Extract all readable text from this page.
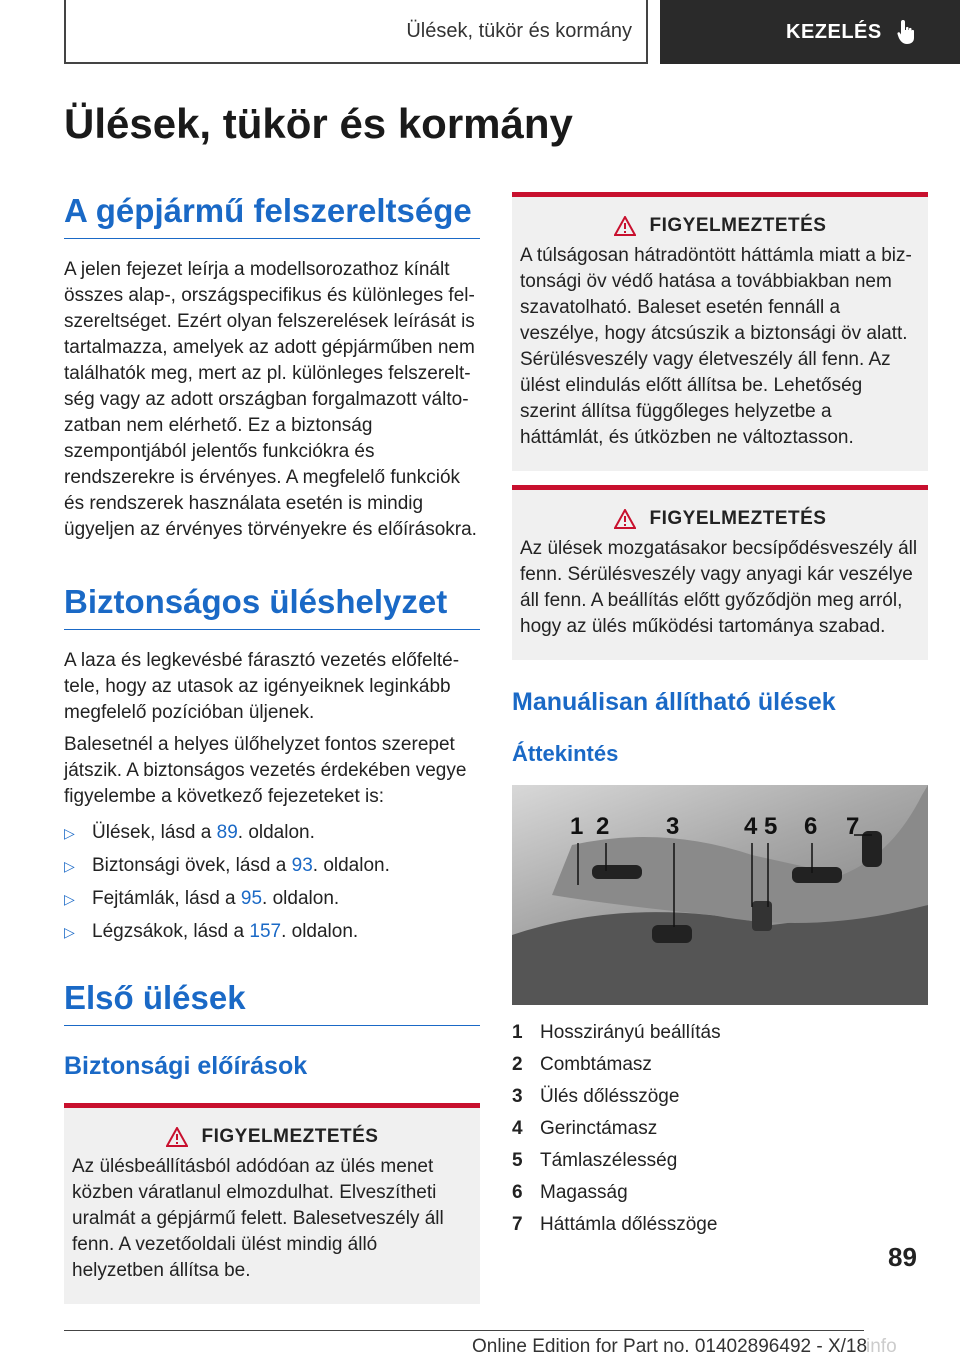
Ülések, tükör és kormány	KEZELÉS
Ülések, tükör és kormány
A gépjármű felszereltsége

A jelen fejezet leírja a modellsorozathoz kínált összes alap-, országspecifikus és különleges felszereltséget. Ezért olyan felszerelések leírását is tartalmazza, amelyek az adott gépjárműben nem találhatók meg, mert az pl. különleges felszereltség vagy az adott országban forgalmazott változatban nem elérhető. Ez a biztonság szempontjából jelentős funkciókra és rendszerekre is érvényes. A megfelelő funkciók és rendszerek használata esetén is mindig ügyeljen az érvényes törvényekre és előírásokra.

Biztonságos üléshelyzet

A laza és legkevésbé fárasztó vezetés előfeltétele, hogy az utasok az igényeiknek leginkább megfelelő pozícióban üljenek.

Balesetnél a helyes ülőhelyzet fontos szerepet játszik. A biztonságos vezetés érdekében vegye figyelembe a következő fejezeteket is:

▷ Ülések, lásd a 89. oldalon.
▷ Biztonsági övek, lásd a 93. oldalon.
▷ Fejtámlák, lásd a 95. oldalon.
▷ Légzsákok, lásd a 157. oldalon.
Első ülések
Biztonsági előírások
FIGYELMEZTETÉS

Az ülésbeállításból adódóan az ülés menet közben váratlanul elmozdulhat. Elveszítheti uralmát a gépjármű felett. Balesetveszély áll fenn. A vezetőoldali ülést mindig álló helyzetben állítsa be.

FIGYELMEZTETÉS

A túlságosan hátradöntött háttámla miatt a biztonsági öv védő hatása a továbbiakban nem szavatolható. Baleset esetén fennáll a veszélye, hogy átcsúszik a biztonsági öv alatt. Sérülésveszély vagy életveszély áll fenn. Az ülést elindulás előtt állítsa be. Lehetőség szerint állítsa függőleges helyzetbe a háttámlát, és útközben ne változtasson.

FIGYELMEZTETÉS

Az ülések mozgatásakor becsípődésveszély áll fenn. Sérülésveszély vagy anyagi kár veszélye áll fenn. A beállítás előtt győződjön meg arról, hogy az ülés működési tartománya szabad.

Manuálisan állítható ülések
Áttekintés
1 2 3	4 5 6 7
1 Hosszirányú beállítás
2 Combtámasz
3 Ülés dőlésszöge
4 Gerinctámasz
5 Támlaszélesség
6 Magasság
7 Háttámla dőlésszöge
89
Online Edition for Part no. 01402896492 - X/18
info
